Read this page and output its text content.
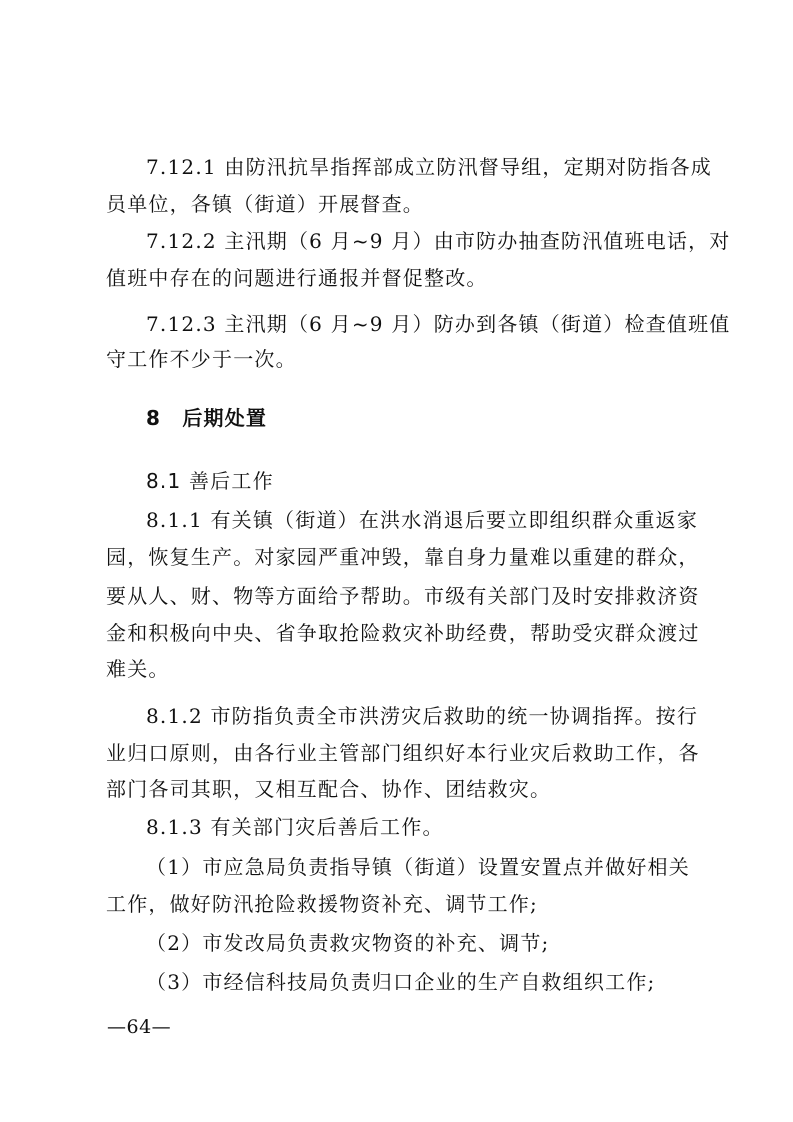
7.12.1 由防汛抗旱指挥部成立防汛督导组，定期对防指各成
员单位，各镇（街道）开展督查。
7.12.2 主汛期（6 月~9 月）由市防办抽查防汛值班电话，对
值班中存在的问题进行通报并督促整改。
7.12.3 主汛期（6 月~9 月）防办到各镇（街道）检查值班值
守工作不少于一次。
8　后期处置
8.1 善后工作
8.1.1 有关镇（街道）在洪水消退后要立即组织群众重返家
园，恢复生产。对家园严重冲毁，靠自身力量难以重建的群众，
要从人、财、物等方面给予帮助。市级有关部门及时安排救济资
金和积极向中央、省争取抢险救灾补助经费，帮助受灾群众渡过
难关。
8.1.2 市防指负责全市洪涝灾后救助的统一协调指挥。按行
业归口原则，由各行业主管部门组织好本行业灾后救助工作，各
部门各司其职，又相互配合、协作、团结救灾。
8.1.3 有关部门灾后善后工作。
（1）市应急局负责指导镇（街道）设置安置点并做好相关
工作，做好防汛抢险救援物资补充、调节工作;
（2）市发改局负责救灾物资的补充、调节;
（3）市经信科技局负责归口企业的生产自救组织工作;
—64—
